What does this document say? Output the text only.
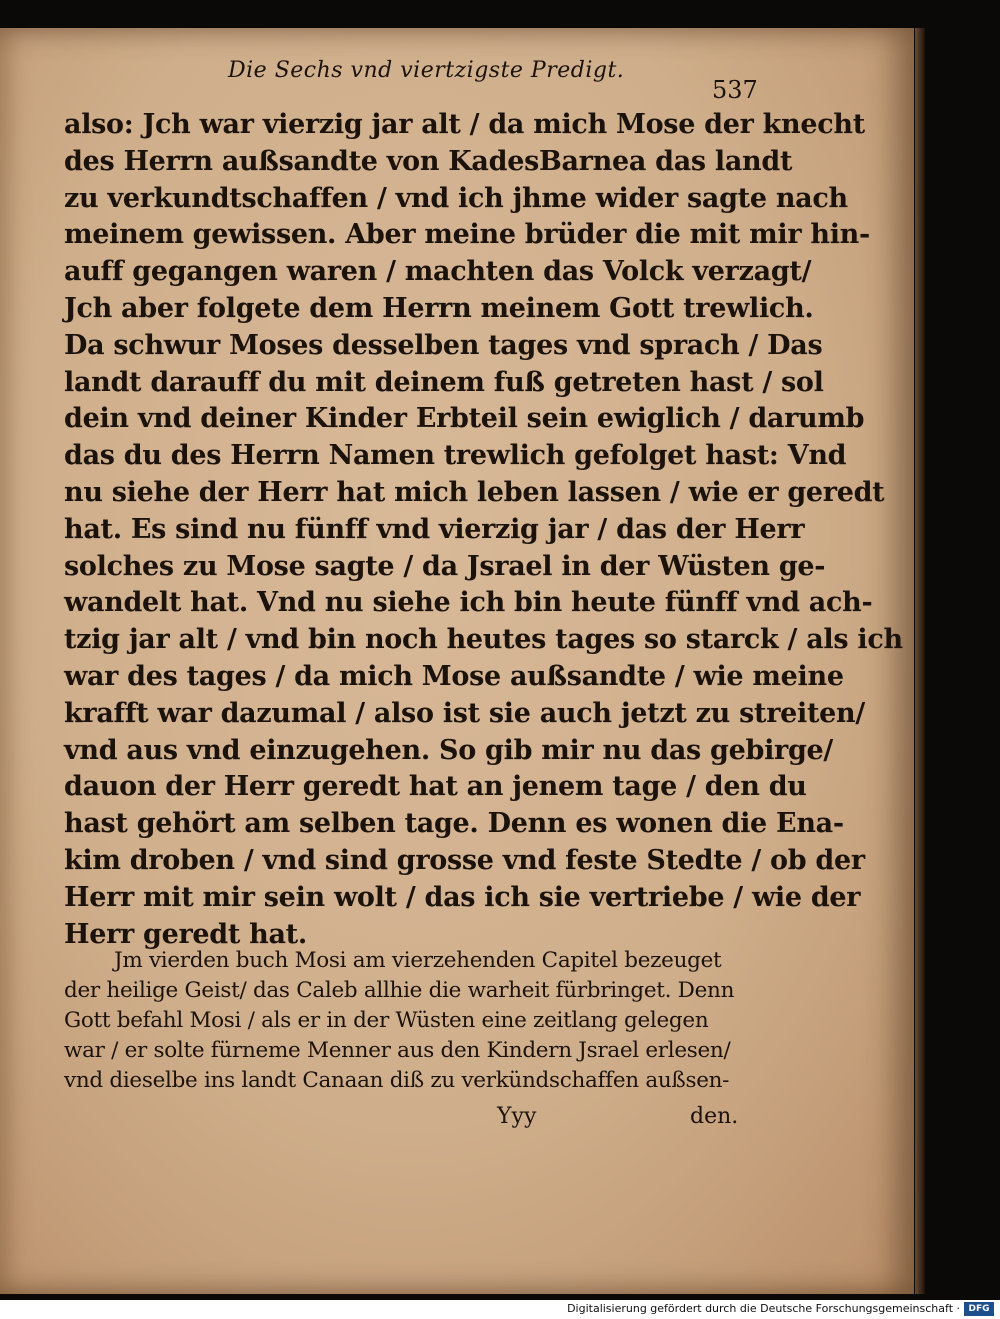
Die Sechs vnd viertzigste Predigt.
537
also: Jch war vierzig jar alt / da mich Mose der knecht
des Herrn außsandte von KadesBarnea das landt
zu verkundtschaffen / vnd ich jhme wider sagte nach
meinem gewissen. Aber meine brüder die mit mir hin-
auff gegangen waren / machten das Volck verzagt/
Jch aber folgete dem Herrn meinem Gott trewlich.
Da schwur Moses desselben tages vnd sprach / Das
landt darauff du mit deinem fuß getreten hast / sol
dein vnd deiner Kinder Erbteil sein ewiglich / darumb
das du des Herrn Namen trewlich gefolget hast: Vnd
nu siehe der Herr hat mich leben lassen / wie er geredt
hat. Es sind nu fünff vnd vierzig jar / das der Herr
solches zu Mose sagte / da Jsrael in der Wüsten ge-
wandelt hat. Vnd nu siehe ich bin heute fünff vnd ach-
tzig jar alt / vnd bin noch heutes tages so starck / als ich
war des tages / da mich Mose außsandte / wie meine
krafft war dazumal / also ist sie auch jetzt zu streiten/
vnd aus vnd einzugehen. So gib mir nu das gebirge/
dauon der Herr geredt hat an jenem tage / den du
hast gehört am selben tage. Denn es wonen die Ena-
kim droben / vnd sind grosse vnd feste Stedte / ob der
Herr mit mir sein wolt / das ich sie vertriebe / wie der
Herr geredt hat.
Jm vierden buch Mosi am vierzehenden Capitel bezeuget
der heilige Geist/ das Caleb allhie die warheit fürbringet. Denn
Gott befahl Mosi / als er in der Wüsten eine zeitlang gelegen
war / er solte fürneme Menner aus den Kindern Jsrael erlesen/
vnd dieselbe ins landt Canaan diß zu verkündschaffen außsen-
Yyy	den.
Digitalisierung gefördert durch die Deutsche Forschungsgemeinschaft · DFG
